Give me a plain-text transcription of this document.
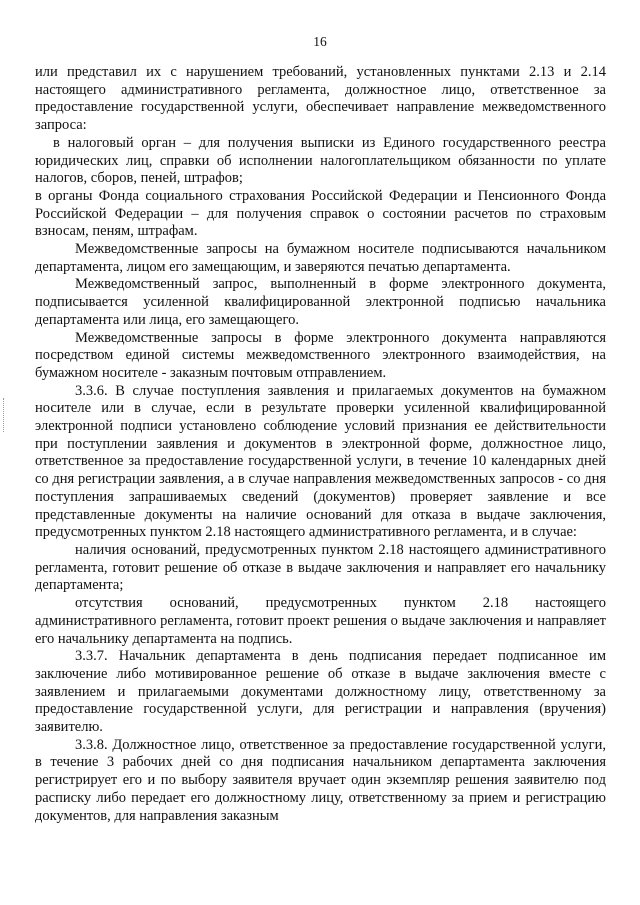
16

или представил их с нарушением требований, установленных пунктами 2.13 и 2.14 настоящего административного регламента, должностное лицо, ответственное за предоставление государственной услуги, обеспечивает направление межведомственного запроса:

в налоговый орган – для получения выписки из Единого государственного реестра юридических лиц, справки об исполнении налогоплательщиком обязанности по уплате налогов, сборов, пеней, штрафов;

в органы Фонда социального страхования Российской Федерации и Пенсионного Фонда Российской Федерации – для получения справок о состоянии расчетов по страховым взносам, пеням, штрафам.

Межведомственные запросы на бумажном носителе подписываются начальником департамента, лицом его замещающим, и заверяются печатью департамента.

Межведомственный запрос, выполненный в форме электронного документа, подписывается усиленной квалифицированной электронной подписью начальника департамента или лица, его замещающего.

Межведомственные запросы в форме электронного документа направляются посредством единой системы межведомственного электронного взаимодействия, на бумажном носителе - заказным почтовым отправлением.

3.3.6. В случае поступления заявления и прилагаемых документов на бумажном носителе или в случае, если в результате проверки усиленной квалифицированной электронной подписи установлено соблюдение условий признания ее действительности при поступлении заявления и документов в электронной форме, должностное лицо, ответственное за предоставление государственной услуги, в течение 10 календарных дней со дня регистрации заявления, а в случае направления межведомственных запросов - со дня поступления запрашиваемых сведений (документов) проверяет заявление и все представленные документы на наличие оснований для отказа в выдаче заключения, предусмотренных пунктом 2.18 настоящего административного регламента, и в случае:

наличия оснований, предусмотренных пунктом 2.18 настоящего административного регламента, готовит решение об отказе в выдаче заключения и направляет его начальнику департамента;

отсутствия оснований, предусмотренных пунктом 2.18 настоящего административного регламента, готовит проект решения о выдаче заключения и направляет его начальнику департамента на подпись.

3.3.7. Начальник департамента в день подписания передает подписанное им заключение либо мотивированное решение об отказе в выдаче заключения вместе с заявлением и прилагаемыми документами должностному лицу, ответственному за предоставление государственной услуги, для регистрации и направления (вручения) заявителю.

3.3.8. Должностное лицо, ответственное за предоставление государственной услуги, в течение 3 рабочих дней со дня подписания начальником департамента заключения регистрирует его и по выбору заявителя вручает один экземпляр решения заявителю под расписку либо передает его должностному лицу, ответственному за прием и регистрацию документов, для направления заказным
